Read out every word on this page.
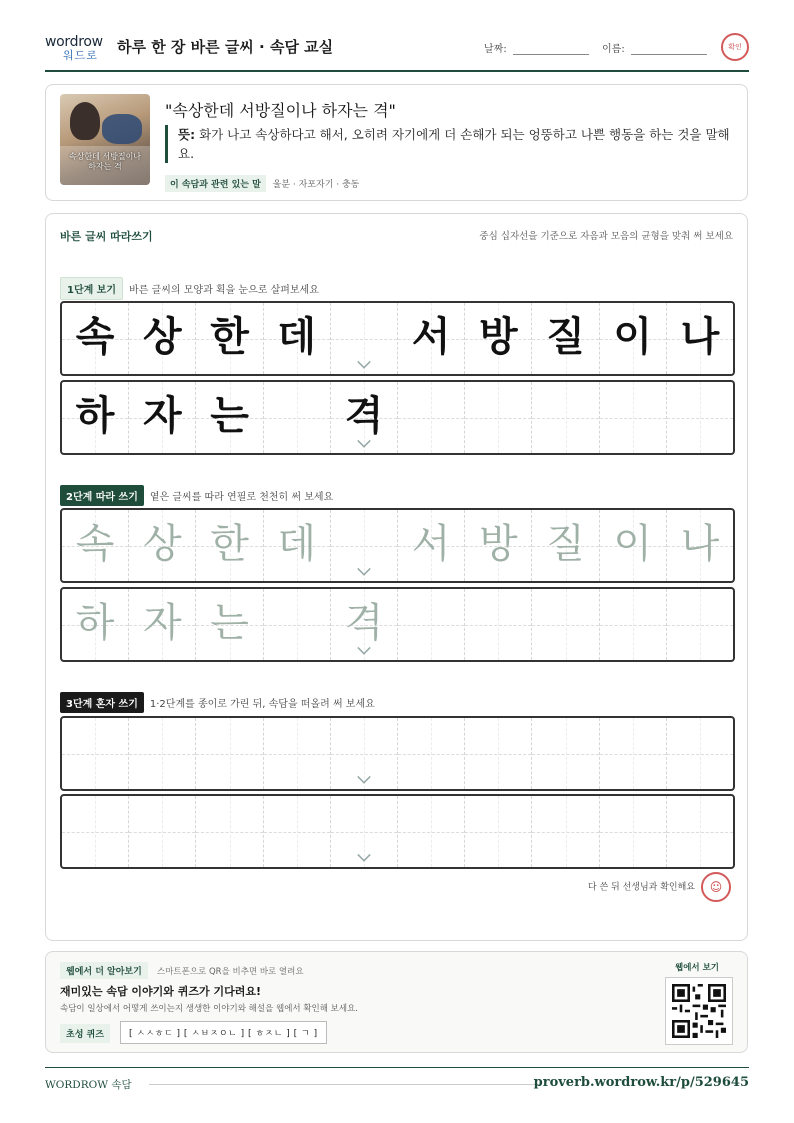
wordrow
워드로 하루 한 장 바른 글씨 · 속담 교실	날짜:	이름:	확인
속상한데 서방질이나 하자는 격
"속상한데 서방질이나 하자는 격"
뜻: 화가 나고 속상하다고 해서, 오히려 자기에게 더 손해가 되는 엉뚱하고 나쁜 행동을 하는 것을 말해요.
이 속담과 관련 있는 말 울분 · 자포자기 · 충동
바른 글씨 따라쓰기	중심 십자선을 기준으로 자음과 모음의 균형을 맞춰 써 보세요
1단계 보기 바른 글씨의 모양과 획을 눈으로 살펴보세요
속 상 한 데	서 방 질 이 나
하 자 는	격
2단계 따라 쓰기 옅은 글씨를 따라 연필로 천천히 써 보세요
속 상 한 데	서 방 질 이 나
하 자 는	격
3단계 혼자 쓰기 1·2단계를 종이로 가린 뒤, 속담을 떠올려 써 보세요
다 쓴 뒤 선생님과 확인해요 ☺
웹에서 더 알아보기	스마트폰으로 QR을 비추면 바로 열려요
재미있는 속담 이야기와 퀴즈가 기다려요!
속담이 일상에서 어떻게 쓰이는지 생생한 이야기와 해설을 웹에서 확인해 보세요.
초성 퀴즈	[ ㅅㅅㅎㄷ ] [ ㅅㅂㅈㅇㄴ ] [ ㅎㅈㄴ ] [ ㄱ ]
웹에서 보기
WORDROW 속담	proverb.wordrow.kr/p/529645
